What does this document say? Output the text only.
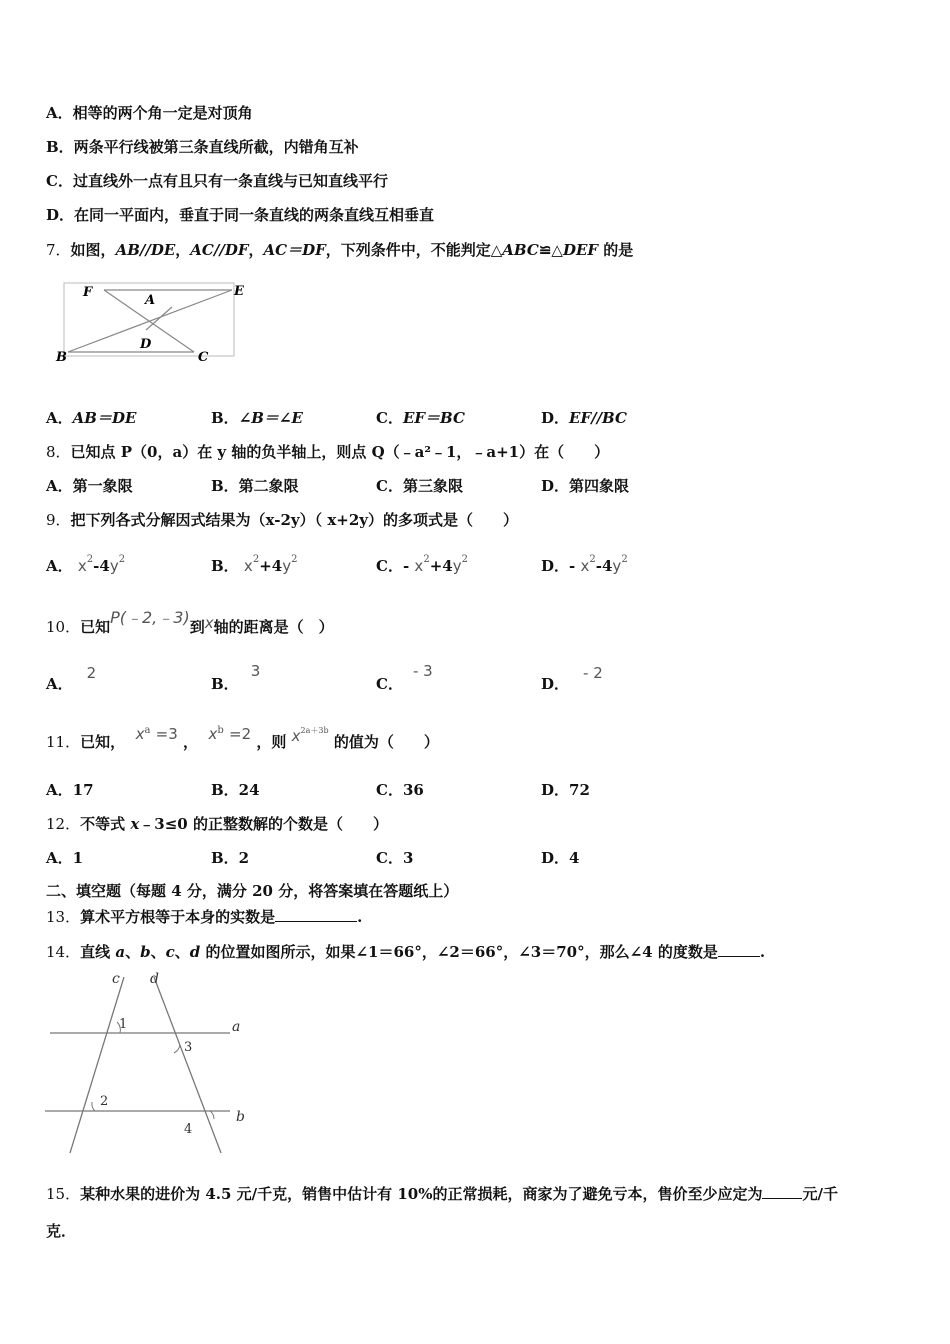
A．相等的两个角一定是对顶角
B．两条平行线被第三条直线所截，内错角互补
C．过直线外一点有且只有一条直线与已知直线平行
D．在同一平面内，垂直于同一条直线的两条直线互相垂直
7．如图，AB//DE，AC//DF，AC＝DF，下列条件中，不能判定△ABC≌△DEF 的是
F
A
E
D
B	C
A．AB＝DE	B．∠B＝∠E	C．EF＝BC	D．EF//BC
8．已知点 P（0，a）在 y 轴的负半轴上，则点 Q（﹣a²﹣1，﹣a+1）在（　　）
A．第一象限	B．第二象限	C．第三象限	D．第四象限
9．把下列各式分解因式结果为（x-2y）（ x+2y）的多项式是（　　）
A． $x^2-4y^2$	B． $x^2+4y^2$	C．- $x^2+4y^2$	D．- $x^2-4y^2$
10．已知P(﹣2,﹣3)到x轴的距离是（　）
A．2
B．3
C．- 3
D．- 2
11．已知， $x^a =3$ ， $x^b =2$ ，则 $x^{2a+3b}$ 的值为（　　）
A．17	B．24	C．36	D．72
12．不等式 x﹣3≤0 的正整数解的个数是（　　）
A．1	B．2	C．3	D．4
二、填空题（每题 4 分，满分 20 分，将答案填在答题纸上）
13．算术平方根等于本身的实数是	.
14．直线 a、b、c、d 的位置如图所示，如果∠1＝66°，∠2＝66°，∠3＝70°，那么∠4 的度数是	.
c d
a
b
1
2
3
4
15．某种水果的进价为 4.5 元/千克，销售中估计有 10%的正常损耗，商家为了避免亏本，售价至少应定为	元/千
克．
